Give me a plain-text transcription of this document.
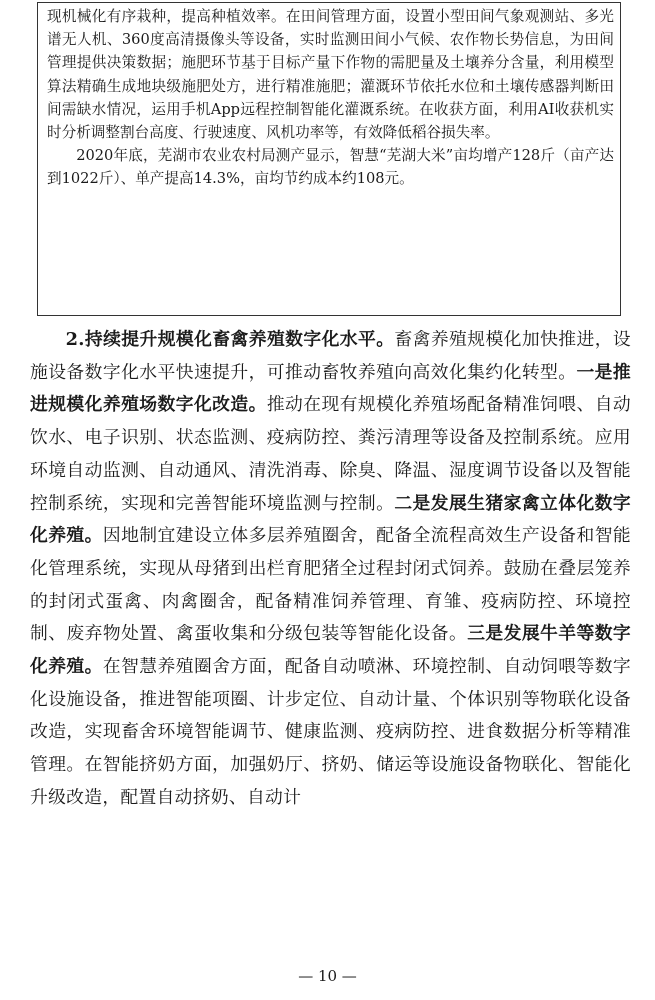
现机械化有序栽种，提高种植效率。在田间管理方面，设置小型田间气象观测站、多光谱无人机、360度高清摄像头等设备，实时监测田间小气候、农作物长势信息，为田间管理提供决策数据；施肥环节基于目标产量下作物的需肥量及土壤养分含量，利用模型算法精确生成地块级施肥处方，进行精准施肥；灌溉环节依托水位和土壤传感器判断田间需缺水情况，运用手机App远程控制智能化灌溉系统。在收获方面，利用AI收获机实时分析调整割台高度、行驶速度、风机功率等，有效降低稻谷损失率。

2020年底，芜湖市农业农村局测产显示，智慧“芜湖大米”亩均增产128斤（亩产达到1022斤）、单产提高14.3%，亩均节约成本约108元。

2.持续提升规模化畜禽养殖数字化水平。畜禽养殖规模化加快推进，设施设备数字化水平快速提升，可推动畜牧养殖向高效化集约化转型。一是推进规模化养殖场数字化改造。推动在现有规模化养殖场配备精准饲喂、自动饮水、电子识别、状态监测、疫病防控、粪污清理等设备及控制系统。应用环境自动监测、自动通风、清洗消毒、除臭、降温、湿度调节设备以及智能控制系统，实现和完善智能环境监测与控制。二是发展生猪家禽立体化数字化养殖。因地制宜建设立体多层养殖圈舍，配备全流程高效生产设备和智能化管理系统，实现从母猪到出栏育肥猪全过程封闭式饲养。鼓励在叠层笼养的封闭式蛋禽、肉禽圈舍，配备精准饲养管理、育雏、疫病防控、环境控制、废弃物处置、禽蛋收集和分级包装等智能化设备。三是发展牛羊等数字化养殖。在智慧养殖圈舍方面，配备自动喷淋、环境控制、自动饲喂等数字化设施设备，推进智能项圈、计步定位、自动计量、个体识别等物联化设备改造，实现畜舍环境智能调节、健康监测、疫病防控、进食数据分析等精准管理。在智能挤奶方面，加强奶厅、挤奶、储运等设施设备物联化、智能化升级改造，配置自动挤奶、自动计

— 10 —
